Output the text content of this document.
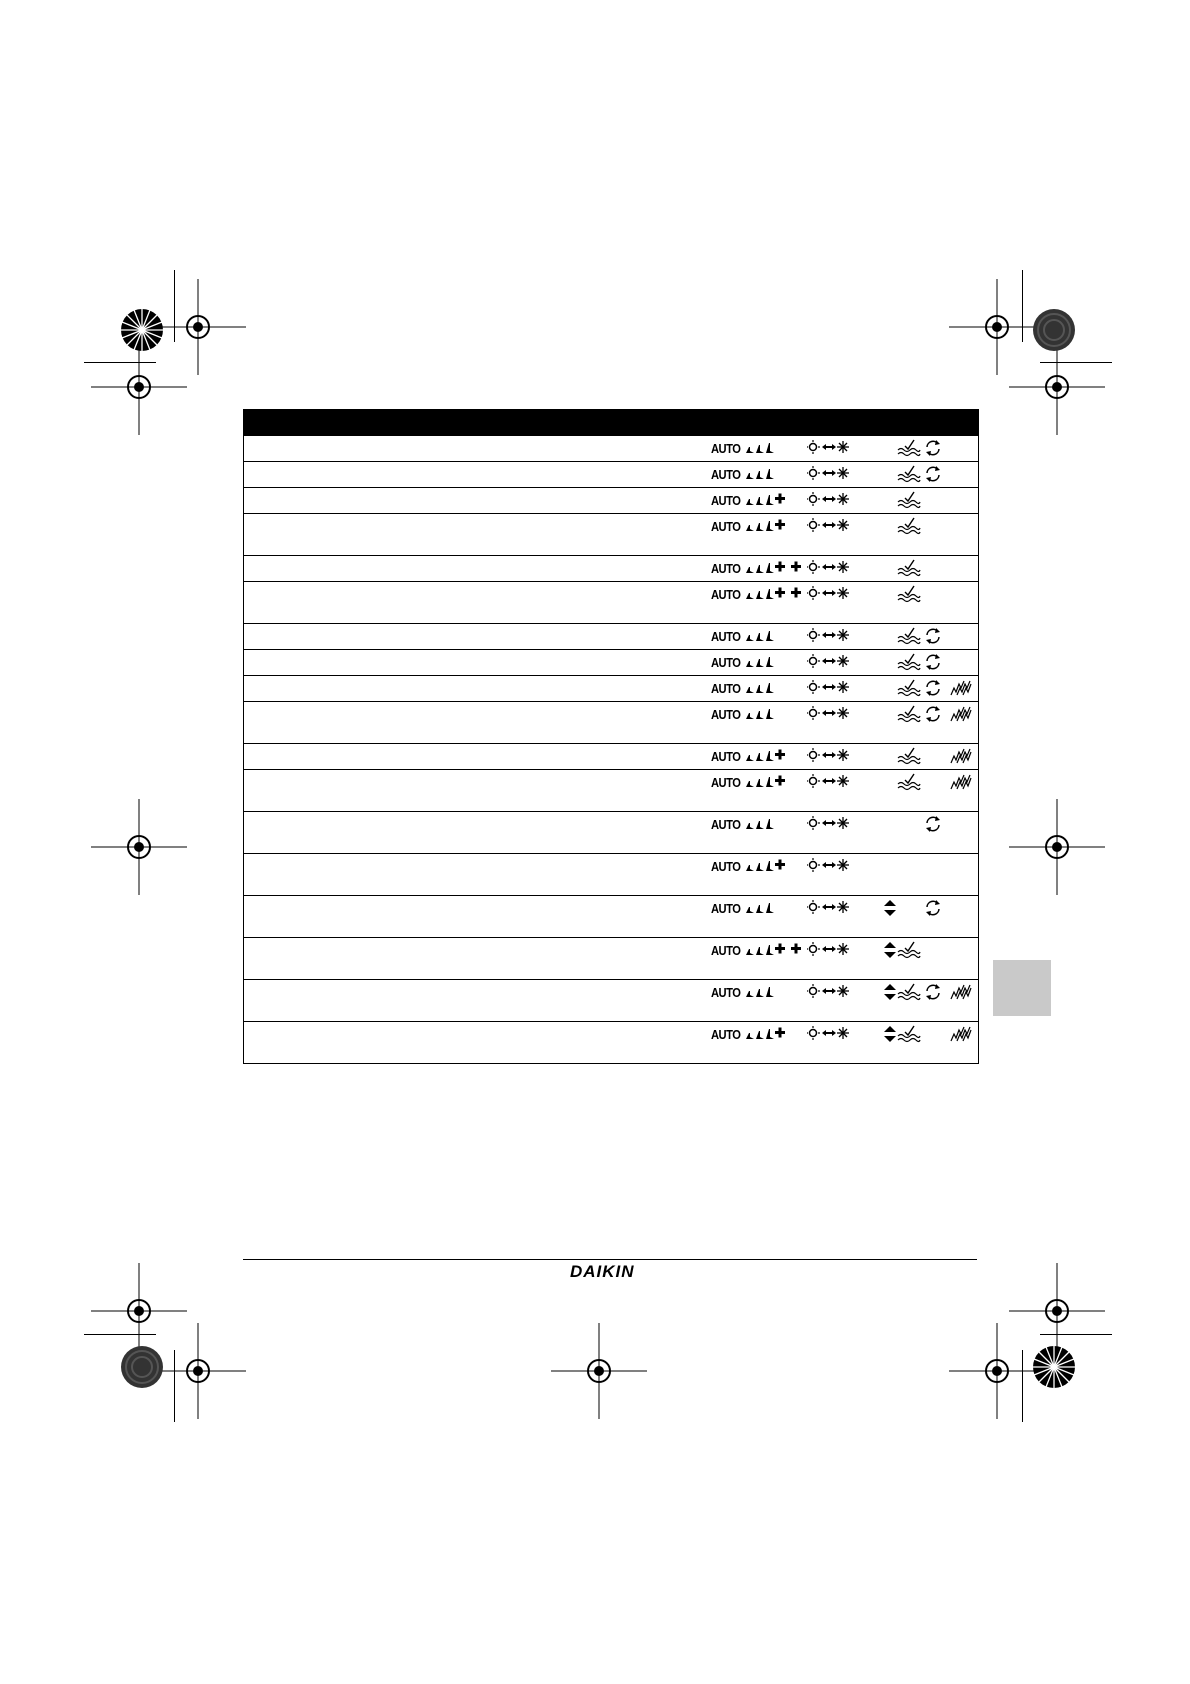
AUTO
AUTO
AUTO
AUTO
AUTO
AUTO
AUTO
AUTO
AUTO
AUTO
AUTO
AUTO
AUTO
AUTO
AUTO
AUTO
AUTO
AUTO
DAIKIN
